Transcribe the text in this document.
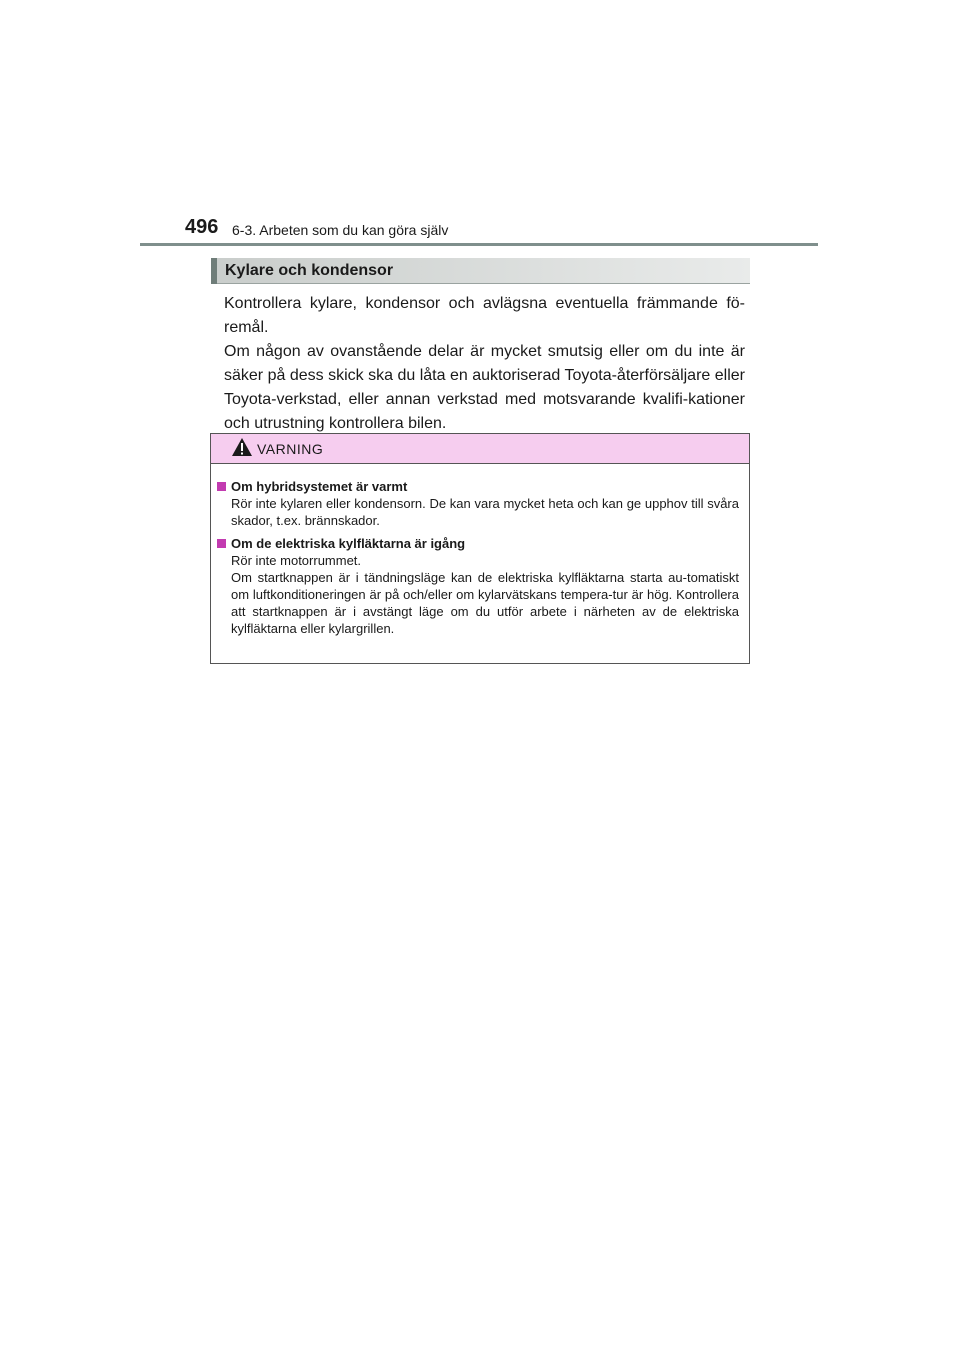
496 6-3. Arbeten som du kan göra själv
Kylare och kondensor

Kontrollera kylare, kondensor och avlägsna eventuella främmande fö-remål.

Om någon av ovanstående delar är mycket smutsig eller om du inte är säker på dess skick ska du låta en auktoriserad Toyota-återförsäljare eller Toyota-verkstad, eller annan verkstad med motsvarande kvalifi-kationer och utrustning kontrollera bilen.

VARNING
Om hybridsystemet är varmt

Rör inte kylaren eller kondensorn. De kan vara mycket heta och kan ge upphov till svåra skador, t.ex. brännskador.

Om de elektriska kylfläktarna är igång

Rör inte motorrummet.

Om startknappen är i tändningsläge kan de elektriska kylfläktarna starta au-tomatiskt om luftkonditioneringen är på och/eller om kylarvätskans tempera-tur är hög. Kontrollera att startknappen är i avstängt läge om du utför arbete i närheten av de elektriska kylfläktarna eller kylargrillen.
